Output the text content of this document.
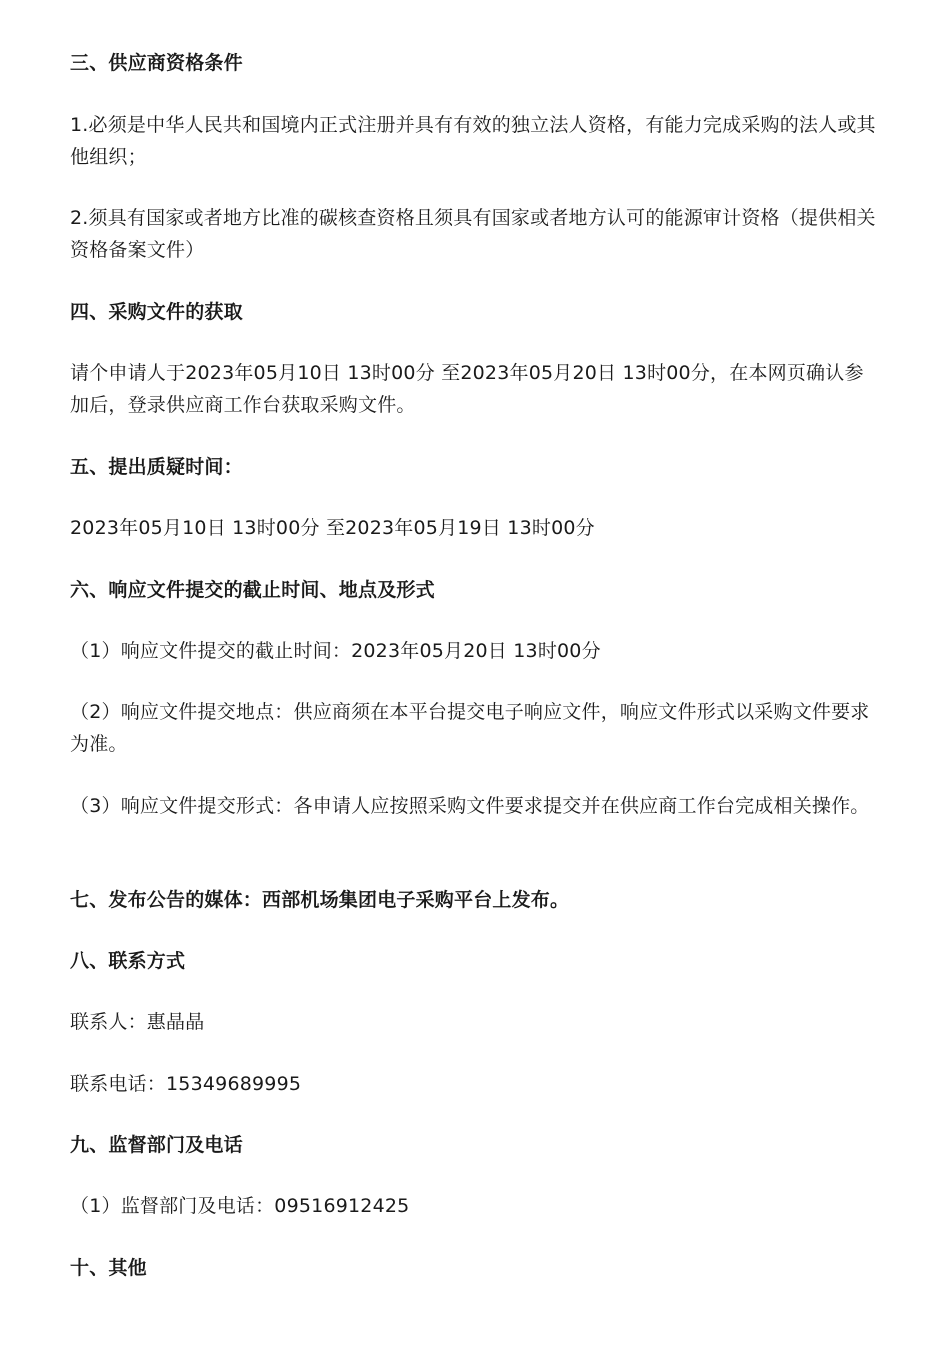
三、供应商资格条件

1.必须是中华人民共和国境内正式注册并具有有效的独立法人资格，有能力完成采购的法人或其他组织；

2.须具有国家或者地方比准的碳核查资格且须具有国家或者地方认可的能源审计资格（提供相关资格备案文件）

四、采购文件的获取

请个申请人于2023年05月10日 13时00分 至2023年05月20日 13时00分，在本网页确认参加后，登录供应商工作台获取采购文件。

五、提出质疑时间：

2023年05月10日 13时00分 至2023年05月19日 13时00分

六、响应文件提交的截止时间、地点及形式

（1）响应文件提交的截止时间：2023年05月20日 13时00分

（2）响应文件提交地点：供应商须在本平台提交电子响应文件，响应文件形式以采购文件要求为准。

（3）响应文件提交形式：各申请人应按照采购文件要求提交并在供应商工作台完成相关操作。

七、发布公告的媒体：西部机场集团电子采购平台上发布。

八、联系方式

联系人：惠晶晶

联系电话：15349689995

九、监督部门及电话

（1）监督部门及电话：09516912425

十、其他
